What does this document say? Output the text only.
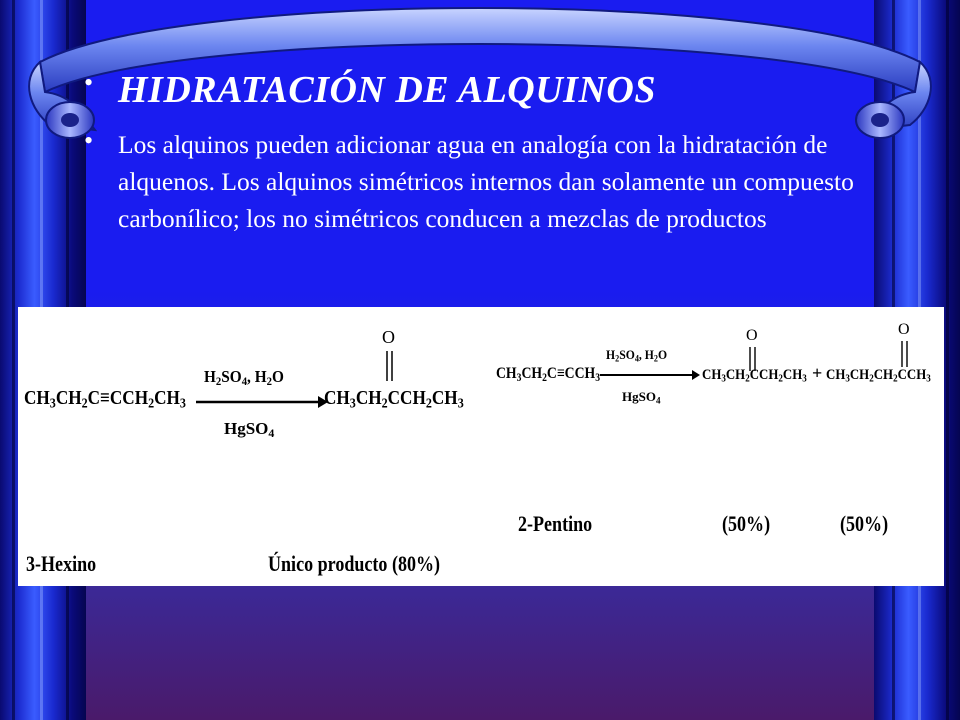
• HIDRATACIÓN DE ALQUINOS
• Los alquinos pueden adicionar agua en analogía con la hidratación de alquenos. Los alquinos simétricos internos dan solamente un compuesto carbonílico; los no simétricos conducen a mezclas de productos
$CH_3CH_2C\equiv CCH_2CH_3$
$H_2SO_4$, $H_2O$
HgSO$_4$
O
$CH_3CH_2CCH_2CH_3$
3-Hexino	Único producto (80%)
$CH_3CH_2C\equiv CCH_3$
$H_2SO_4$, $H_2O$
HgSO$_4$
O
$CH_3CH_2CCH_2CH_3$ +
O
$CH_3CH_2CH_2CCH_3$
2-Pentino	(50%)	(50%)
